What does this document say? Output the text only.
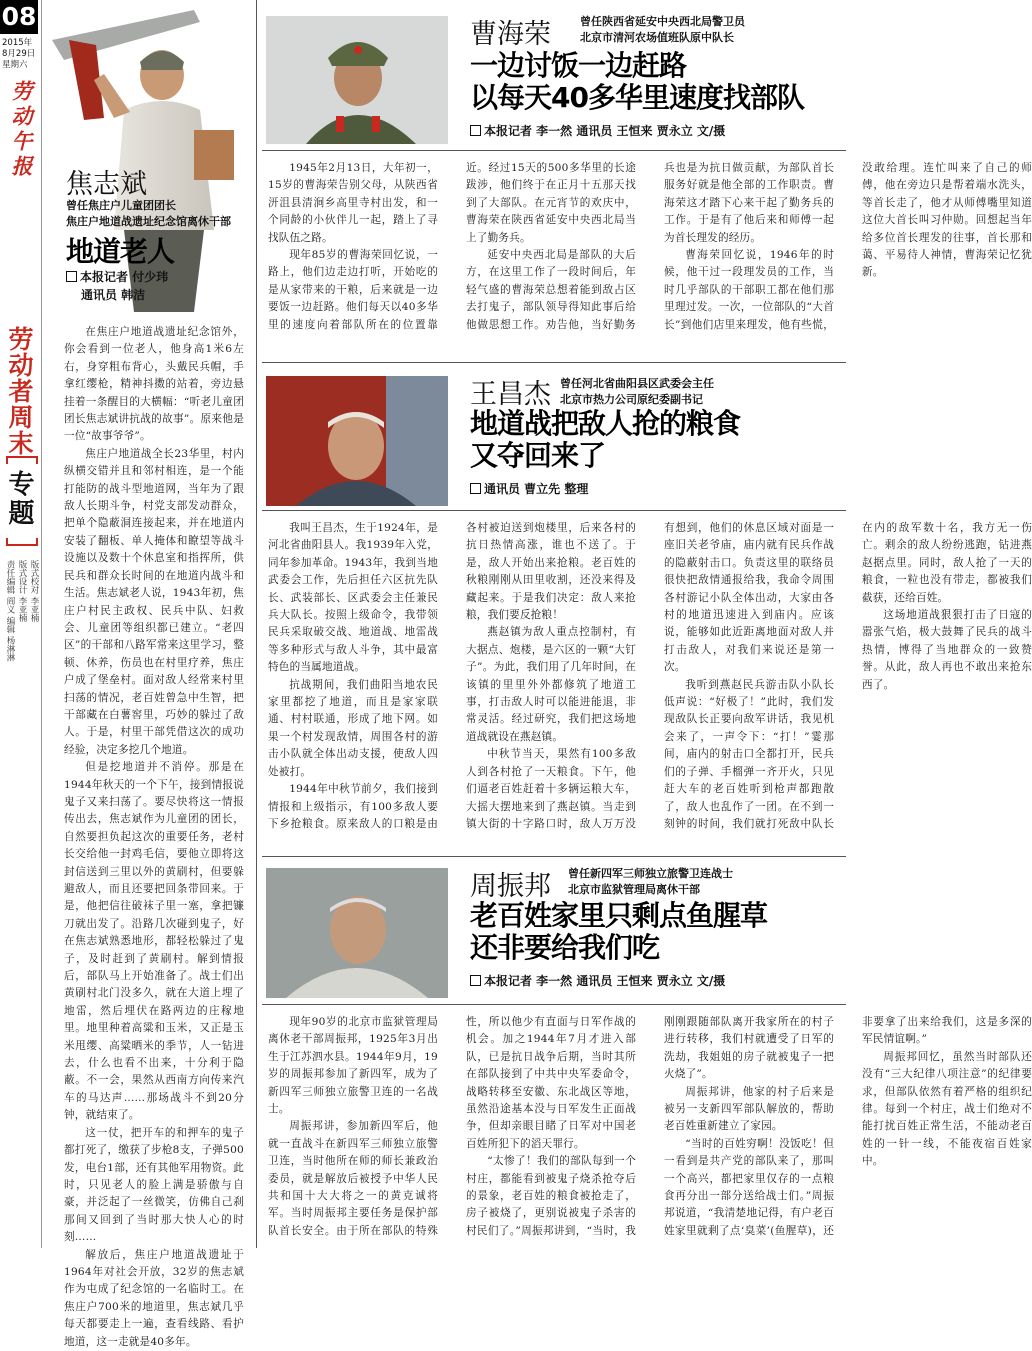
08
2015年
8月29日
星期六
劳动午报
劳动者周末
专题
版式校对 李亚楠
版式设计 李亚楠
责任编辑 阎义 编辑 杨淋淋
焦志斌
曾任焦庄户儿童团团长
焦庄户地道战遗址纪念馆离休干部
地道老人
本报记者 付少玮
通讯员 韩洁

在焦庄户地道战遗址纪念馆外，你会看到一位老人，他身高1米6左右，身穿粗布背心，头戴民兵帽，手拿红缨枪，精神抖擞的站着，旁边悬挂着一条醒目的大横幅：“听老儿童团团长焦志斌讲抗战的故事”。原来他是一位“故事爷爷”。

焦庄户地道战全长23华里，村内纵横交错并且和邻村相连，是一个能打能防的战斗型地道网，当年为了跟敌人长期斗争，村党支部发动群众，把单个隐蔽洞连接起来，并在地道内安装了翻板、单人掩体和瞭望等战斗设施以及数十个休息室和指挥所，供民兵和群众长时间的在地道内战斗和生活。焦志斌老人说，1943年初，焦庄户村民主政权、民兵中队、妇救会、儿童团等组织都已建立。“老四区”的干部和八路军常来这里学习，整顿、休养，伤员也在村里疗养，焦庄户成了堡垒村。面对敌人经常来村里扫荡的情况，老百姓曾急中生智，把干部藏在白薯窖里，巧妙的躲过了敌人。于是，村里干部凭借这次的成功经验，决定多挖几个地道。

但是挖地道并不消停。那是在1944年秋天的一个下午，接到情报说鬼子又来扫荡了。要尽快将这一情报传出去，焦志斌作为儿童团的团长，自然要担负起这次的重要任务，老村长交给他一封鸡毛信，要他立即将这封信送到三里以外的黄刷村，但要躲避敌人，而且还要把回条带回来。于是，他把信往破袜子里一塞，拿把镰刀就出发了。沿路几次碰到鬼子，好在焦志斌熟悉地形，都轻松躲过了鬼子，及时赶到了黄刷村。解到情报后，部队马上开始准备了。战士们出黄刷村北门没多久，就在大道上埋了地雷，然后埋伏在路两边的庄稼地里。地里种着高粱和玉米，又正是玉米甩缨、高粱晒米的季节，人一钻进去，什么也看不出来，十分利于隐蔽。不一会，果然从西南方向传来汽车的马达声……那场战斗不到20分钟，就结束了。

这一仗，把开车的和押车的鬼子都打死了，缴获了步枪8支，子弹500发，电台1部，还有其他军用物资。此时，只见老人的脸上满是骄傲与自豪，并泛起了一丝微笑，仿佛自己刹那间又回到了当时那大快人心的时刻……

解放后，焦庄户地道战遗址于1964年对社会开放，32岁的焦志斌作为屯成了纪念馆的一名临时工。在焦庄户700米的地道里，焦志斌几乎每天都要走上一遍，查看线路、看护地道，这一走就是40多年。

曹海荣	曾任陕西省延安中央西北局警卫员
北京市清河农场值班队原中队长
一边讨饭一边赶路
以每天40多华里速度找部队
本报记者 李一然 通讯员 王恒来 贾永立 文/摄

1945年2月13日，大年初一，15岁的曹海荣告别父母，从陕西省汧沮县清涧乡高里寺村出发，和一个同龄的小伙伴儿一起，踏上了寻找队伍之路。

现年85岁的曹海荣回忆说，一路上，他们边走边打听，开始吃的是从家带来的干粮，后来就是一边要饭一边赶路。他们每天以40多华里的速度向着部队所在的位置靠近。经过15天的500多华里的长途跋涉，他们终于在正月十五那天找到了大部队。在元宵节的欢庆中，曹海荣在陕西省延安中央西北局当上了勤务兵。

延安中央西北局是部队的大后方，在这里工作了一段时间后，年轻气盛的曹海荣总想着能到敌占区去打鬼子，部队领导得知此事后给他做思想工作。劝告他，当好勤务兵也是为抗日做贡献，为部队首长服务好就是他全部的工作职责。曹海荣这才踏下心来干起了勤务兵的工作。于是有了他后来和师傅一起为首长理发的经历。

曹海荣回忆说，1946年的时候，他干过一段理发员的工作，当时几乎部队的干部职工都在他们那里理过发。一次，一位部队的“大首长”到他们店里来理发，他有些慌，没敢给理。连忙叫来了自己的师傅，他在旁边只是帮着端水洗头，等首长走了，他才从师傅嘴里知道这位大首长叫习仲勋。回想起当年给多位首长理发的往事，首长那和蔼、平易待人神情，曹海荣记忆犹新。

王昌杰 曾任河北省曲阳县区武委会主任
北京市热力公司原纪委副书记
地道战把敌人抢的粮食
又夺回来了
通讯员 曹立先 整理

我叫王昌杰，生于1924年，是河北省曲阳县人。我1939年入党，同年参加革命。1943年，我到当地武委会工作，先后担任六区抗先队长、武装部长、区武委会主任兼民兵大队长。按照上级命令，我带领民兵采取破交战、地道战、地雷战等多种形式与敌人斗争，其中最富特色的当属地道战。

抗战期间，我们曲阳当地农民家里都挖了地道，而且是家家联通、村村联通，形成了地下网。如果一个村发现敌情，周围各村的游击小队就全体出动支援，使敌人四处被打。

1944年中秋节前夕，我们接到情报和上级指示，有100多敌人要下乡抢粮食。原来敌人的口粮是由各村被迫送到炮楼里，后来各村的抗日热情高涨，谁也不送了。于是，敌人开始出来抢粮。老百姓的秋粮刚刚从田里收割，还没来得及藏起来。于是我们决定：敌人来抢粮，我们要反抢粮！

燕赵镇为敌人重点控制村，有大据点、炮楼，是六区的一颗“大钉子”。为此，我们用了几年时间，在该镇的里里外外都修筑了地道工事，打击敌人时可以能进能退，非常灵活。经过研究，我们把这场地道战就设在燕赵镇。

中秋节当天，果然有100多敌人到各村抢了一天粮食。下午，他们逼老百姓赶着十多辆运粮大车，大摇大摆地来到了燕赵镇。当走到镇大街的十字路口时，敌人万万没有想到，他们的休息区域对面是一座旧关老爷庙，庙内就有民兵作战的隐蔽射击口。负责这里的联络员很快把敌情通报给我，我命令周围各村游记小队全体出动，大家由各村的地道迅速进入到庙内。应该说，能够如此近距离地面对敌人并打击敌人，对我们来说还是第一次。

我听到燕赵民兵游击队小队长低声说：“好极了！”此时，我们发现敌队长正要向敌军讲话，我见机会来了，一声令下：“打！”霎那间，庙内的射击口全都打开，民兵们的子弹、手榴弹一齐开火，只见赶大车的老百姓听到枪声都跑散了，敌人也乱作了一团。在不到一刻钟的时间，我们就打死敌中队长在内的敌军数十名，我方无一伤亡。剩余的敌人纷纷逃跑，钻进燕赵据点里。同时，敌人抢了一天的粮食，一粒也没有带走，都被我们截获，还给百姓。

这场地道战狠狠打击了日寇的嚣张气焰，极大鼓舞了民兵的战斗热情，博得了当地群众的一致赞誉。从此，敌人再也不敢出来抢东西了。

周振邦 曾任新四军三师独立旅警卫连战士
北京市监狱管理局离休干部
老百姓家里只剩点鱼腥草
还非要给我们吃
本报记者 李一然 通讯员 王恒来 贾永立 文/摄

现年90岁的北京市监狱管理局离休老干部周振邦，1925年3月出生于江苏泗水县。1944年9月，19岁的周振邦参加了新四军，成为了新四军三师独立旅警卫连的一名战士。

周振邦讲，参加新四军后，他就一直战斗在新四军三师独立旅警卫连，当时他所在师的师长兼政治委员，就是解放后被授予中华人民共和国十大大将之一的黄克诚将军。当时周振邦主要任务是保护部队首长安全。由于所在部队的特殊性，所以他少有直面与日军作战的机会。加之1944年7月才进入部队，已是抗日战争后期，当时其所在部队接到了中共中央军委命令，战略转移至安徽、东北战区等地，虽然沿途基本没与日军发生正面战争，但却亲眼目睹了日军对中国老百姓所犯下的滔天罪行。

“太惨了！我们的部队每到一个村庄，都能看到被鬼子烧杀抢夺后的景象，老百姓的粮食被抢走了，房子被烧了，更别说被鬼子杀害的村民们了。”周振邦讲到，“当时，我刚刚跟随部队离开我家所在的村子进行转移，我们村就遭受了日军的洗劫，我姐姐的房子就被鬼子一把火烧了”。

周振邦讲，他家的村子后来是被另一支新四军部队解放的，帮助老百姓重新建立了家园。

“当时的百姓穷啊！没饭吃！但一看到是共产党的部队来了，那叫一个高兴，都把家里仅存的一点粮食再分出一部分送给战士们。”周振邦说道，“我清楚地记得，有户老百姓家里就剩了点‘臭菜’(鱼腥草)，还非要拿了出来给我们，这是多深的军民情谊啊。”

周振邦回忆，虽然当时部队还没有“三大纪律八项注意”的纪律要求，但部队依然有着严格的组织纪律。每到一个村庄，战士们绝对不能打扰百姓正常生活，不能动老百姓的一针一线，不能夜宿百姓家中。
